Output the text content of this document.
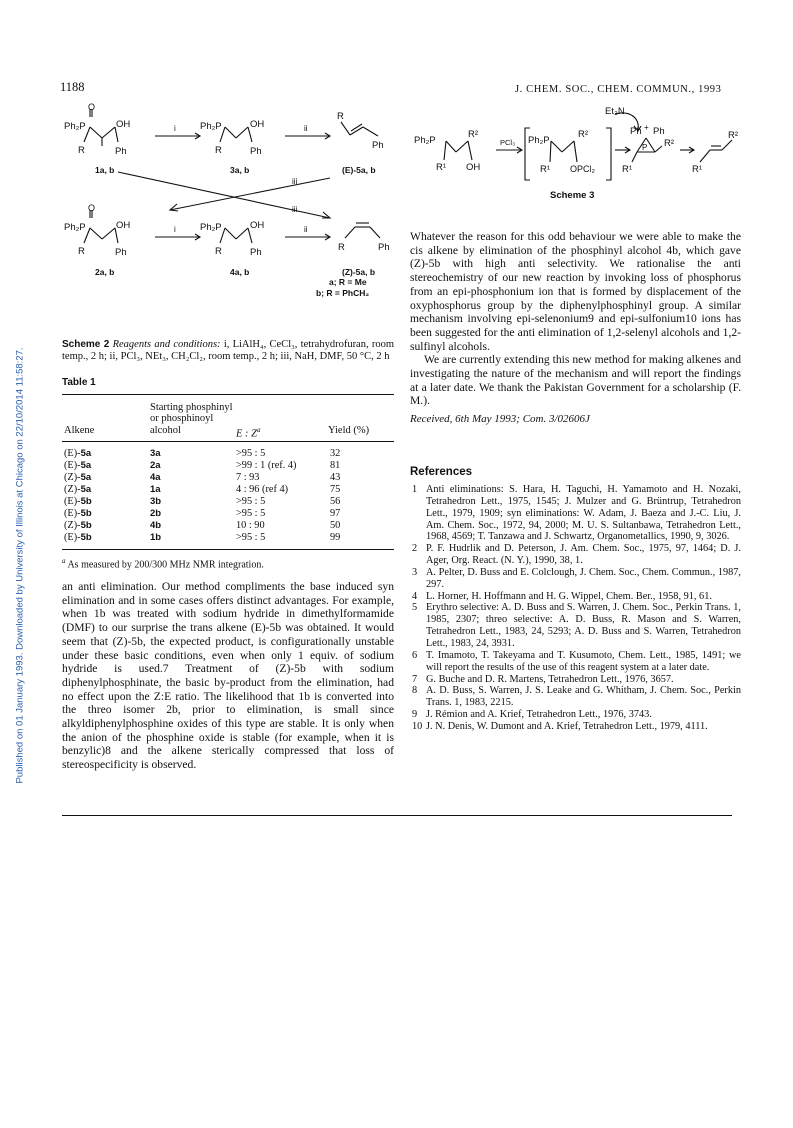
Published on 01 January 1993. Downloaded by University of Illinois at Chicago on 22/10/2014 11:58:27.
1188	J. CHEM. SOC., CHEM. COMMUN., 1993
O
Ph₂P	OH
R	Ph
1a, b
i	Ph₂P	OH
R	Ph
3a, b
ii
R
Ph
(E)-5a, b
iii
iii
O
Ph₂P	OH
R	Ph
2a, b
i	Ph₂P	OH
R	Ph
4a, b
ii
R	Ph
(Z)-5a, b
a; R = Me
b; R = PhCH₂
Scheme 2 Reagents and conditions: i, LiAlH₄, CeCl₃, tetrahydrofuran, room temp., 2 h; ii, PCl₃, NEt₃, CH₂Cl₂, room temp., 2 h; iii, NaH, DMF, 50 °C, 2 h
Table 1
Starting phosphinyl
or phosphinoyl
Alkene	alcohol	E : $Z^a$	Yield (%)
(E)-5a	3a	>95 : 5	32
(E)-5a	2a	>99 : 1 (ref. 4)	81
(Z)-5a	4a	7 : 93	43
(Z)-5a	1a	4 : 96 (ref 4)	75
(E)-5b	3b	>95 : 5	56
(E)-5b	2b	>95 : 5	97
(Z)-5b	4b	10 : 90	50
(E)-5b	1b	>95 : 5	99
$^a$ As measured by 200/300 MHz NMR integration.

an anti elimination. Our method compliments the base induced syn elimination and in some cases offers distinct advantages. For example, when 1b was treated with sodium hydride in dimethylformamide (DMF) to our surprise the trans alkene (E)-5b was obtained. It would seem that (Z)-5b, the expected product, is configurationally unstable under these basic conditions, even when only 1 equiv. of sodium hydride is used.7 Treatment of (Z)-5b with sodium diphenylphosphinate, the basic by-product from the elimination, had no effect upon the Z:E ratio. The likelihood that 1b is converted into the threo isomer 2b, prior to elimination, is small since alkyldiphenylphosphine oxides of this type are stable. It is only when the anion of the phosphine oxide is stable (for example, when it is benzylic)8 and the alkene sterically compressed that loss of stereospecificity is observed.

Et₃N
Ph₂P
R²
R¹ OH
PCl₃ Ph₂P
R²
R¹ OPCl₂
Ph + Ph
P R²
R¹
R²
R¹
Scheme 3

Whatever the reason for this odd behaviour we were able to make the cis alkene by elimination of the phosphinyl alcohol 4b, which gave (Z)-5b with high anti selectivity. We rationalise the anti stereochemistry of our new reaction by invoking loss of phosphorus from an epi-phosphonium ion that is formed by displacement of the oxyphosphorus group by the diphenylphosphinyl group. A similar mechanism involving epi-selenonium9 and epi-sulfonium10 ions has been suggested for the anti elimination of 1,2-selenyl alcohols and 1,2-sulfinyl alcohols.

We are currently extending this new method for making alkenes and investigating the nature of the mechanism and will report the findings at a later date. We thank the Pakistan Government for a scholarship (F. M.).

Received, 6th May 1993; Com. 3/02606J
References
1 Anti eliminations: S. Hara, H. Taguchi, H. Yamamoto and H. Nozaki, Tetrahedron Lett., 1975, 1545; J. Mulzer and G. Brüntrup, Tetrahedron Lett., 1979, 1909; syn eliminations: W. Adam, J. Baeza and J.-C. Liu, J. Am. Chem. Soc., 1972, 94, 2000; M. U. S. Sultanbawa, Tetrahedron Lett., 1968, 4569; T. Tanzawa and J. Schwartz, Organometallics, 1990, 9, 3026.
2 P. F. Hudrlik and D. Peterson, J. Am. Chem. Soc., 1975, 97, 1464; D. J. Ager, Org. React. (N. Y.), 1990, 38, 1.
3 A. Pelter, D. Buss and E. Colclough, J. Chem. Soc., Chem. Commun., 1987, 297.
4 L. Horner, H. Hoffmann and H. G. Wippel, Chem. Ber., 1958, 91, 61.
5 Erythro selective: A. D. Buss and S. Warren, J. Chem. Soc., Perkin Trans. 1, 1985, 2307; threo selective: A. D. Buss, R. Mason and S. Warren, Tetrahedron Lett., 1983, 24, 5293; A. D. Buss and S. Warren, Tetrahedron Lett., 1983, 24, 3931.
6 T. Imamoto, T. Takeyama and T. Kusumoto, Chem. Lett., 1985, 1491; we will report the results of the use of this reagent system at a later date.
7 G. Buche and D. R. Martens, Tetrahedron Lett., 1976, 3657.
8 A. D. Buss, S. Warren, J. S. Leake and G. Whitham, J. Chem. Soc., Perkin Trans. 1, 1983, 2215.
9 J. Rémion and A. Krief, Tetrahedron Lett., 1976, 3743.
10 J. N. Denis, W. Dumont and A. Krief, Tetrahedron Lett., 1979, 4111.
